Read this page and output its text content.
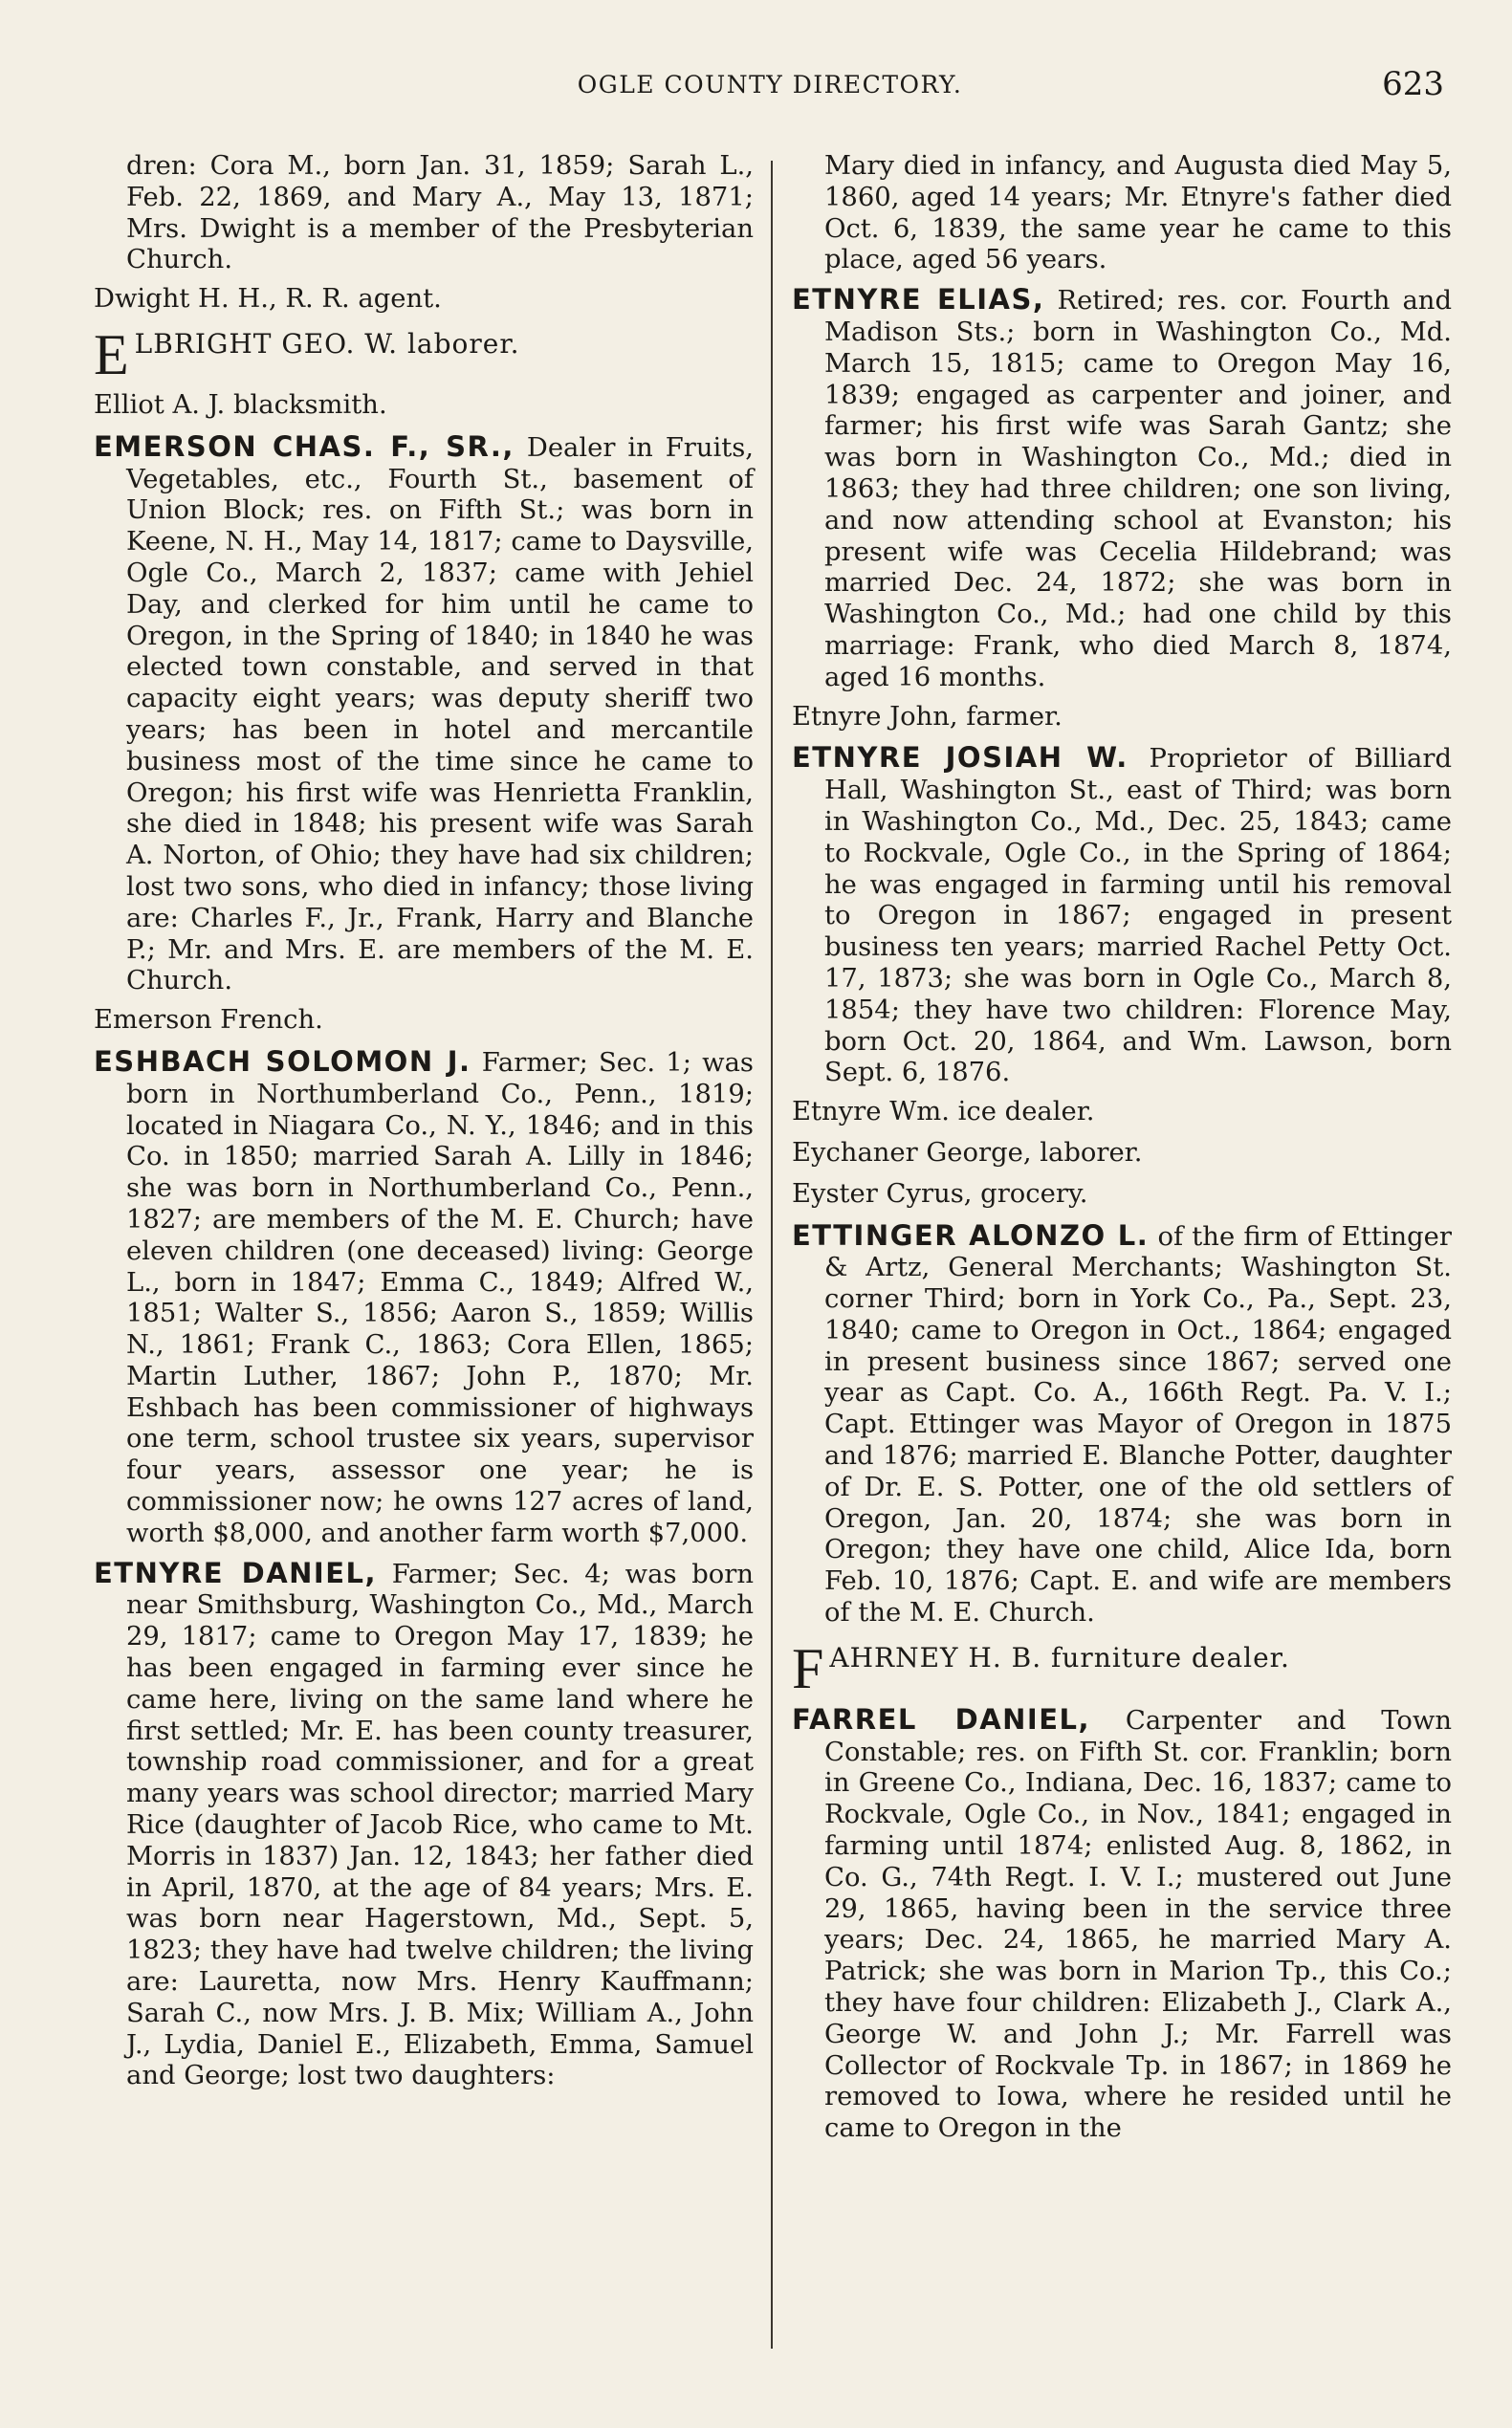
OGLE COUNTY DIRECTORY.	623

dren: Cora M., born Jan. 31, 1859; Sarah L., Feb. 22, 1869, and Mary A., May 13, 1871; Mrs. Dwight is a member of the Presbyterian Church.

Dwight H. H., R. R. agent.

E LBRIGHT GEO. W. laborer.

Elliot A. J. blacksmith.

EMERSON CHAS. F., SR., Dealer in Fruits, Vegetables, etc., Fourth St., basement of Union Block; res. on Fifth St.; was born in Keene, N. H., May 14, 1817; came to Daysville, Ogle Co., March 2, 1837; came with Jehiel Day, and clerked for him until he came to Oregon, in the Spring of 1840; in 1840 he was elected town constable, and served in that capacity eight years; was deputy sheriff two years; has been in hotel and mercantile business most of the time since he came to Oregon; his first wife was Henrietta Franklin, she died in 1848; his present wife was Sarah A. Norton, of Ohio; they have had six children; lost two sons, who died in infancy; those living are: Charles F., Jr., Frank, Harry and Blanche P.; Mr. and Mrs. E. are members of the M. E. Church.

Emerson French.

ESHBACH SOLOMON J. Farmer; Sec. 1; was born in Northumberland Co., Penn., 1819; located in Niagara Co., N. Y., 1846; and in this Co. in 1850; married Sarah A. Lilly in 1846; she was born in Northumberland Co., Penn., 1827; are members of the M. E. Church; have eleven children (one deceased) living: George L., born in 1847; Emma C., 1849; Alfred W., 1851; Walter S., 1856; Aaron S., 1859; Willis N., 1861; Frank C., 1863; Cora Ellen, 1865; Martin Luther, 1867; John P., 1870; Mr. Eshbach has been commissioner of highways one term, school trustee six years, supervisor four years, assessor one year; he is commissioner now; he owns 127 acres of land, worth $8,000, and another farm worth $7,000.

ETNYRE DANIEL, Farmer; Sec. 4; was born near Smithsburg, Washington Co., Md., March 29, 1817; came to Oregon May 17, 1839; he has been engaged in farming ever since he came here, living on the same land where he first settled; Mr. E. has been county treasurer, township road commissioner, and for a great many years was school director; married Mary Rice (daughter of Jacob Rice, who came to Mt. Morris in 1837) Jan. 12, 1843; her father died in April, 1870, at the age of 84 years; Mrs. E. was born near Hagerstown, Md., Sept. 5, 1823; they have had twelve children; the living are: Lauretta, now Mrs. Henry Kauffmann; Sarah C., now Mrs. J. B. Mix; William A., John J., Lydia, Daniel E., Elizabeth, Emma, Samuel and George; lost two daughters:

Mary died in infancy, and Augusta died May 5, 1860, aged 14 years; Mr. Etnyre's father died Oct. 6, 1839, the same year he came to this place, aged 56 years.

ETNYRE ELIAS, Retired; res. cor. Fourth and Madison Sts.; born in Washington Co., Md. March 15, 1815; came to Oregon May 16, 1839; engaged as carpenter and joiner, and farmer; his first wife was Sarah Gantz; she was born in Washington Co., Md.; died in 1863; they had three children; one son living, and now attending school at Evanston; his present wife was Cecelia Hildebrand; was married Dec. 24, 1872; she was born in Washington Co., Md.; had one child by this marriage: Frank, who died March 8, 1874, aged 16 months.

Etnyre John, farmer.

ETNYRE JOSIAH W. Proprietor of Billiard Hall, Washington St., east of Third; was born in Washington Co., Md., Dec. 25, 1843; came to Rockvale, Ogle Co., in the Spring of 1864; he was engaged in farming until his removal to Oregon in 1867; engaged in present business ten years; married Rachel Petty Oct. 17, 1873; she was born in Ogle Co., March 8, 1854; they have two children: Florence May, born Oct. 20, 1864, and Wm. Lawson, born Sept. 6, 1876.

Etnyre Wm. ice dealer.

Eychaner George, laborer.

Eyster Cyrus, grocery.

ETTINGER ALONZO L. of the firm of Ettinger & Artz, General Merchants; Washington St. corner Third; born in York Co., Pa., Sept. 23, 1840; came to Oregon in Oct., 1864; engaged in present business since 1867; served one year as Capt. Co. A., 166th Regt. Pa. V. I.; Capt. Ettinger was Mayor of Oregon in 1875 and 1876; married E. Blanche Potter, daughter of Dr. E. S. Potter, one of the old settlers of Oregon, Jan. 20, 1874; she was born in Oregon; they have one child, Alice Ida, born Feb. 10, 1876; Capt. E. and wife are members of the M. E. Church.

F AHRNEY H. B. furniture dealer.

FARREL DANIEL, Carpenter and Town Constable; res. on Fifth St. cor. Franklin; born in Greene Co., Indiana, Dec. 16, 1837; came to Rockvale, Ogle Co., in Nov., 1841; engaged in farming until 1874; enlisted Aug. 8, 1862, in Co. G., 74th Regt. I. V. I.; mustered out June 29, 1865, having been in the service three years; Dec. 24, 1865, he married Mary A. Patrick; she was born in Marion Tp., this Co.; they have four children: Elizabeth J., Clark A., George W. and John J.; Mr. Farrell was Collector of Rockvale Tp. in 1867; in 1869 he removed to Iowa, where he resided until he came to Oregon in the
